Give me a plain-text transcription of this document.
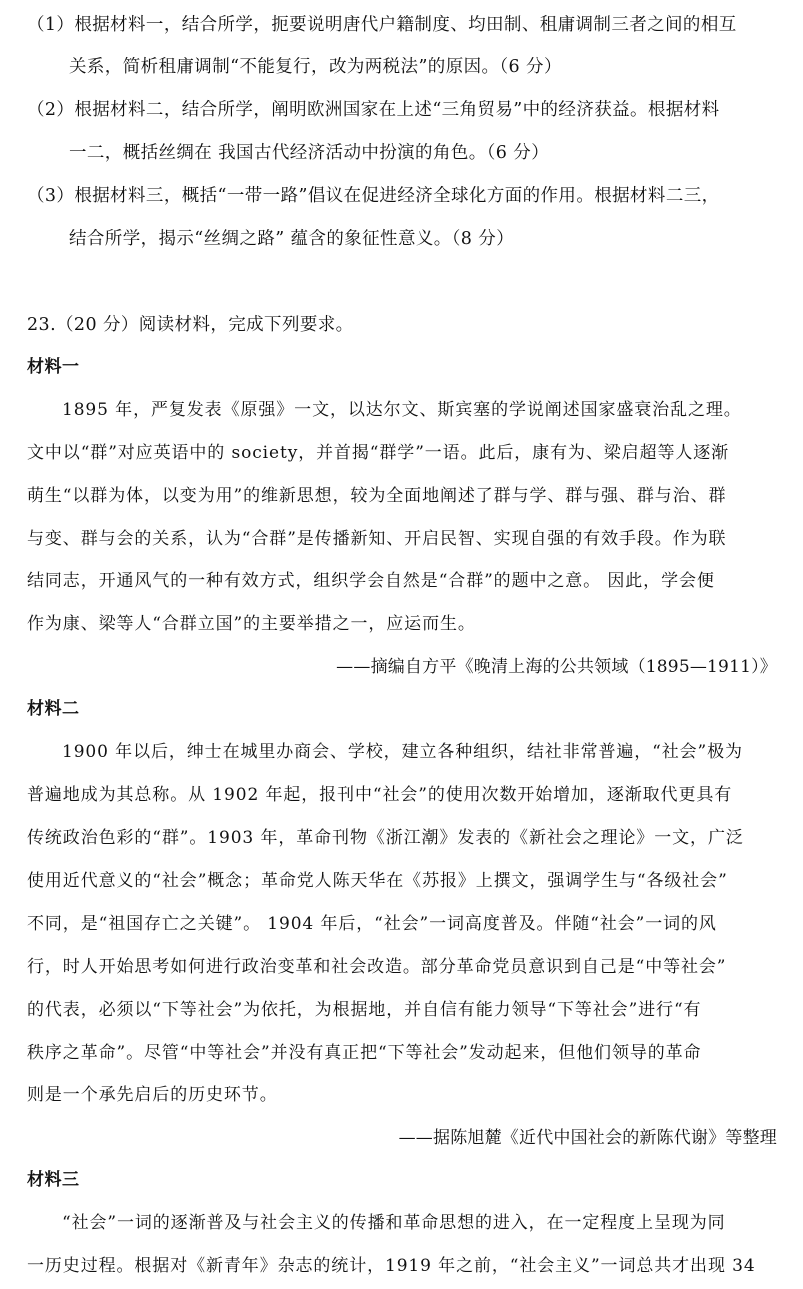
（1）根据材料一，结合所学，扼要说明唐代户籍制度、均田制、租庸调制三者之间的相互
关系，简析租庸调制“不能复行，改为两税法”的原因。（6 分）
（2）根据材料二，结合所学，阐明欧洲国家在上述“三角贸易”中的经济获益。根据材料
一二，概括丝绸在 我国古代经济活动中扮演的角色。（6 分）
（3）根据材料三，概括“一带一路”倡议在促进经济全球化方面的作用。根据材料二三，
结合所学，揭示“丝绸之路” 蕴含的象征性意义。（8 分）
23.（20 分）阅读材料，完成下列要求。
材料一
1895 年，严复发表《原强》一文，以达尔文、斯宾塞的学说阐述国家盛衰治乱之理。
文中以“群”对应英语中的 society，并首揭“群学”一语。此后，康有为、梁启超等人逐渐
萌生“以群为体，以变为用”的维新思想，较为全面地阐述了群与学、群与强、群与治、群
与变、群与会的关系，认为“合群”是传播新知、开启民智、实现自强的有效手段。作为联
结同志，开通风气的一种有效方式，组织学会自然是“合群”的题中之意。 因此，学会便
作为康、梁等人“合群立国”的主要举措之一，应运而生。
——摘编自方平《晚清上海的公共领域（1895—1911）》
材料二
1900 年以后，绅士在城里办商会、学校，建立各种组织，结社非常普遍，“社会”极为
普遍地成为其总称。从 1902 年起，报刊中“社会”的使用次数开始增加，逐渐取代更具有
传统政治色彩的“群”。1903 年，革命刊物《浙江潮》发表的《新社会之理论》一文，广泛
使用近代意义的“社会”概念；革命党人陈天华在《苏报》上撰文，强调学生与“各级社会”
不同，是“祖国存亡之关键”。 1904 年后，“社会”一词高度普及。伴随“社会”一词的风
行，时人开始思考如何进行政治变革和社会改造。部分革命党员意识到自己是“中等社会”
的代表，必须以“下等社会”为依托，为根据地，并自信有能力领导“下等社会”进行“有
秩序之革命”。尽管“中等社会”并没有真正把“下等社会”发动起来，但他们领导的革命
则是一个承先启后的历史环节。
——据陈旭麓《近代中国社会的新陈代谢》等整理
材料三
“社会”一词的逐渐普及与社会主义的传播和革命思想的进入，在一定程度上呈现为同
一历史过程。根据对《新青年》杂志的统计，1919 年之前，“社会主义”一词总共才出现 34
